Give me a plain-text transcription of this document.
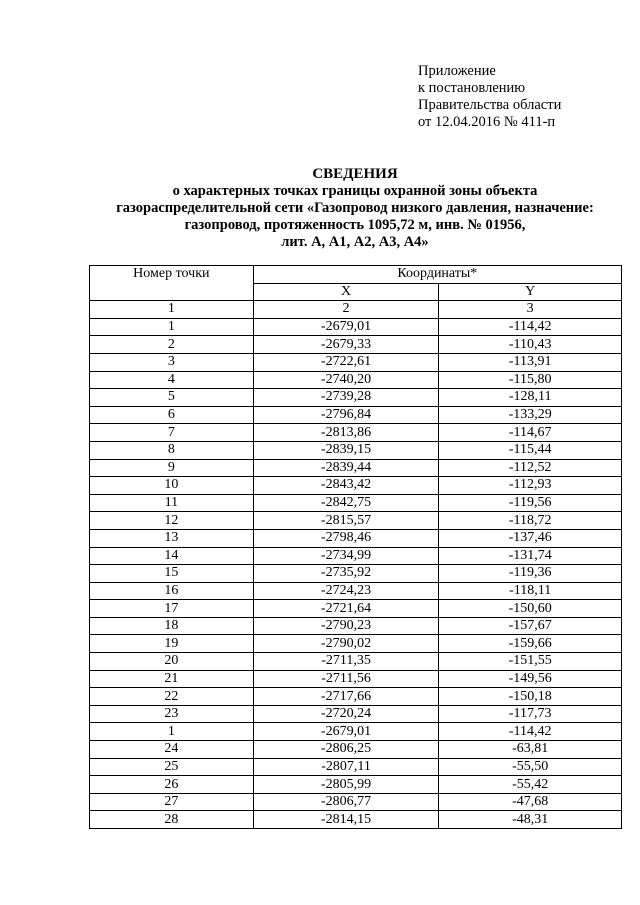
Приложение
к постановлению
Правительства области
от 12.04.2016 № 411-п
СВЕДЕНИЯ
о характерных точках границы охранной зоны объекта
газораспределительной сети «Газопровод низкого давления, назначение:
газопровод, протяженность 1095,72 м, инв. № 01956,
лит. А, А1, А2, А3, А4»
Номер точки	Координаты*	
	X	Y
1	2	3
1	-2679,01	-114,42
2	-2679,33	-110,43
3	-2722,61	-113,91
4	-2740,20	-115,80
5	-2739,28	-128,11
6	-2796,84	-133,29
7	-2813,86	-114,67
8	-2839,15	-115,44
9	-2839,44	-112,52
10	-2843,42	-112,93
11	-2842,75	-119,56
12	-2815,57	-118,72
13	-2798,46	-137,46
14	-2734,99	-131,74
15	-2735,92	-119,36
16	-2724,23	-118,11
17	-2721,64	-150,60
18	-2790,23	-157,67
19	-2790,02	-159,66
20	-2711,35	-151,55
21	-2711,56	-149,56
22	-2717,66	-150,18
23	-2720,24	-117,73
1	-2679,01	-114,42
24	-2806,25	-63,81
25	-2807,11	-55,50
26	-2805,99	-55,42
27	-2806,77	-47,68
28	-2814,15	-48,31
